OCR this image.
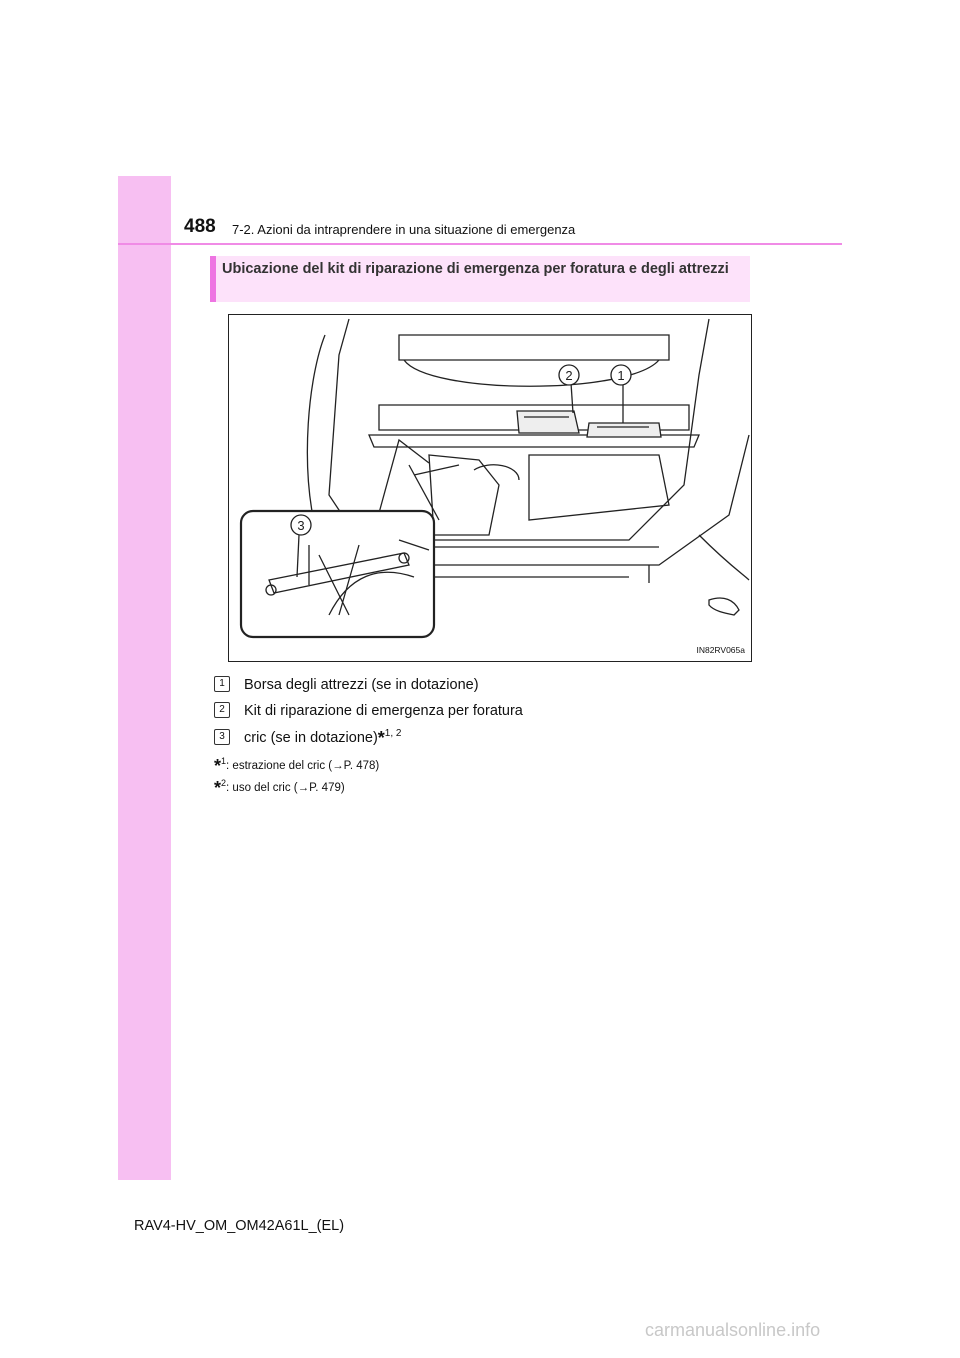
488 7-2. Azioni da intraprendere in una situazione di emergenza
Ubicazione del kit di riparazione di emergenza per foratura e degli attrezzi
2	1
3
IN82RV065a
1 Borsa degli attrezzi (se in dotazione)
2 Kit di riparazione di emergenza per foratura
3 cric (se in dotazione)*$^{1, 2}$
*$^1$: estrazione del cric (→P. 478)
*$^2$: uso del cric (→P. 479)
RAV4-HV_OM_OM42A61L_(EL)
carmanualsonline.info
